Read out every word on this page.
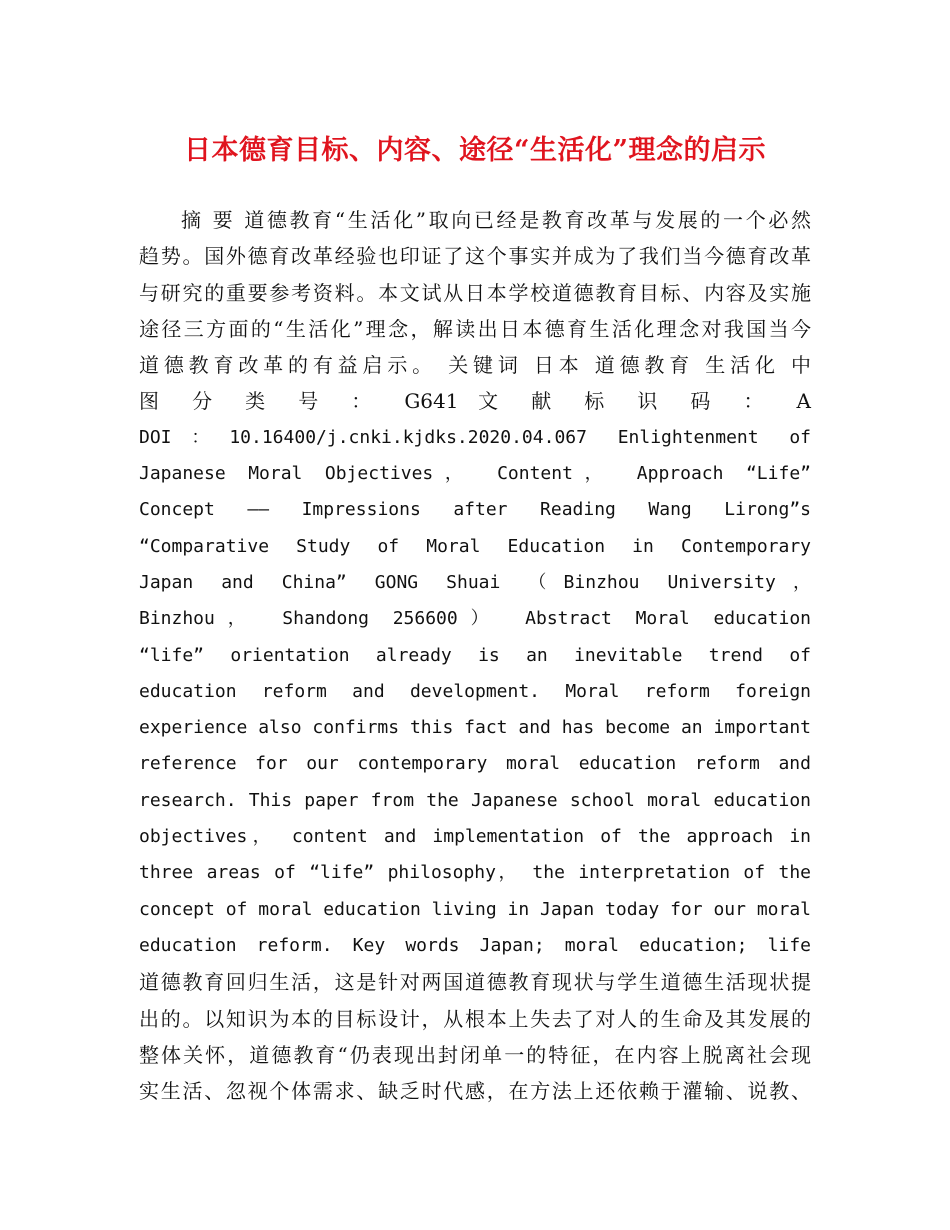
日本德育目标、内容、途径“生活化”理念的启示
摘 要 道德教育“生活化”取向已经是教育改革与发展的一个必然
趋势。国外德育改革经验也印证了这个事实并成为了我们当今德育改革
与研究的重要参考资料。本文试从日本学校道德教育目标、内容及实施
途径三方面的“生活化”理念，解读出日本德育生活化理念对我国当今
道德教育改革的有益启示。 关键词 日本 道德教育 生活化 中
图 分 类 号 ： G641 文 献 标 识 码 ： A
DOI：10.16400/j.cnki.kjdks.2020.04.067 Enlightenment of
Japanese Moral Objectives， Content， Approach “Life”
Concept —— Impressions after Reading Wang Lirong”s
“Comparative Study of Moral Education in Contemporary
Japan and China” GONG Shuai （Binzhou University，
Binzhou， Shandong 256600） Abstract Moral education
“life” orientation already is an inevitable trend of
education reform and development. Moral reform foreign
experience also confirms this fact and has become an important
reference for our contemporary moral education reform and
research. This paper from the Japanese school moral education
objectives， content and implementation of the approach in
three areas of “life” philosophy， the interpretation of the
concept of moral education living in Japan today for our moral
education reform. Key words Japan; moral education; life
道德教育回归生活，这是针对两国道德教育现状与学生道德生活现状提
出的。以知识为本的目标设计，从根本上失去了对人的生命及其发展的
整体关怀，道德教育“仍表现出封闭单一的特征，在内容上脱离社会现
实生活、忽视个体需求、缺乏时代感，在方法上还依赖于灌输、说教、
